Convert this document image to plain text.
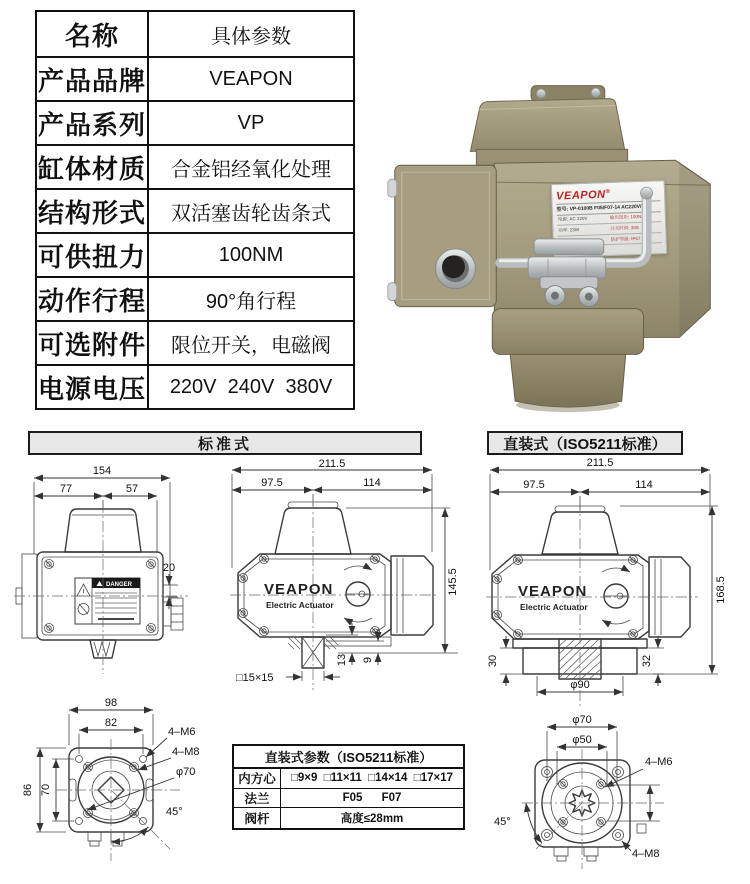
名称	具体参数
产品品牌	VEAPON
产品系列	VP
缸体材质	合金铝经氧化处理
结构形式	双活塞齿轮齿条式
可供扭力	100NM
动作行程	90°角行程
可选附件	限位开关，电磁阀
电源电压	220V  240V  380V
VEAPON®
型号: VP-0100B F05/F07-14 AC220V/Z
电源: AC 220V	输出扭矩: 100Nm
功率: 23W	开关时间: 30S
防护等级: IP67
标准式	直装式（ISO5211标准）
154
77	57
DANGER
20
211.5
97.5	114
VEAPON
Electric Actuator
145.5
□15×15
13 9
211.5
97.5	114
VEAPON
Electric Actuator
168.5
30	32
φ90
98
82
86 70
4–M6
4–M8
φ70
45°
直装式参数（ISO5211标准）
内方心	□9×9  □11×11  □14×14  □17×17
法兰	F05      F07
阀杆	高度≤28mm
φ70
φ50
4–M6
4–M8
45°
